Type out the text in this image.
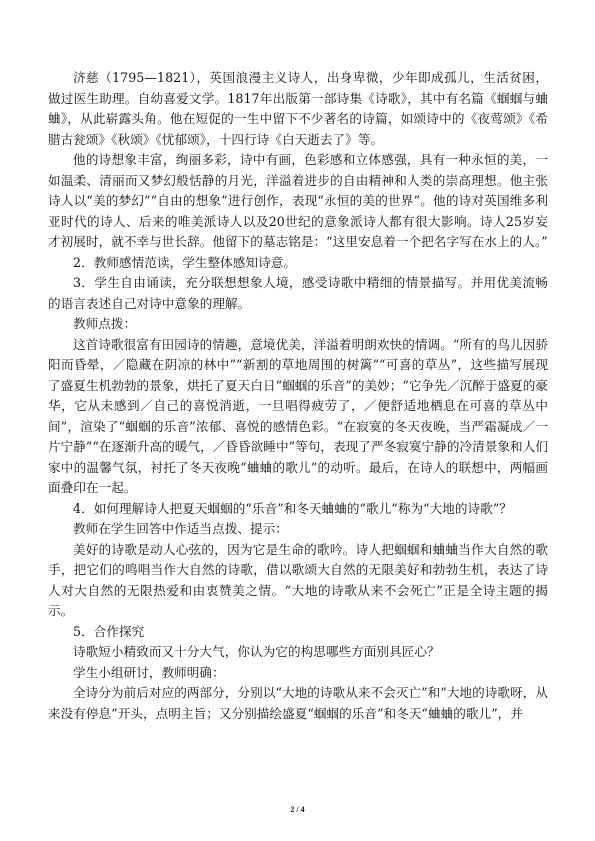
济慈（1795—1821），英国浪漫主义诗人，出身卑微，少年即成孤儿，生活贫困，做过医生助理。自幼喜爱文学。1817年出版第一部诗集《诗歌》，其中有名篇《蝈蝈与蛐蛐》，从此崭露头角。他在短促的一生中留下不少著名的诗篇，如颂诗中的《夜莺颂》《希腊古瓮颂》《秋颂》《忧郁颂》，十四行诗《白天逝去了》等。

他的诗想象丰富，绚丽多彩，诗中有画，色彩感和立体感强，具有一种永恒的美，一如温柔、清丽而又梦幻般恬静的月光，洋溢着进步的自由精神和人类的崇高理想。他主张诗人以“美的梦幻”“自由的想象”进行创作，表现“永恒的美的世界”。他的诗对英国维多利亚时代的诗人、后来的唯美派诗人以及20世纪的意象派诗人都有很大影响。诗人25岁妄才初展时，就不幸与世长辞。他留下的墓志铭是：“这里安息着一个把名字写在水上的人。”

2．教师感情范读，学生整体感知诗意。

3．学生自由诵读，充分联想想象人境，感受诗歌中精细的情景描写。并用优美流畅的语言表述自己对诗中意象的理解。

教师点拨：

这首诗歌很富有田园诗的情趣，意境优美，洋溢着明朗欢快的情调。“所有的鸟儿因骄阳而昏晕，／隐藏在阴凉的林中”“新割的草地周围的树篱”“可喜的草丛”，这些描写展现了盛夏生机勃勃的景象，烘托了夏天白日“蝈蝈的乐音”的美妙；“它争先／沉醉于盛夏的豪华，它从未感到／自己的喜悦消逝，一旦唱得疲劳了，／便舒适地栖息在可喜的草丛中间”，渲染了“蝈蝈的乐音”浓郁、喜悦的感情色彩。“在寂寞的冬天夜晚，当严霜凝成／一片宁静”“在逐渐升高的暖气，／昏昏欲睡中”等句，表现了严冬寂寞宁静的冷清景象和人们家中的温馨气氛，衬托了冬天夜晚“蛐蛐的歌儿”的动听。最后，在诗人的联想中，两幅画面叠印在一起。

4．如何理解诗人把夏天蝈蝈的“乐音”和冬天蛐蛐的“歌儿”称为“大地的诗歌”？

教师在学生回答中作适当点拨、提示：

美好的诗歌是动人心弦的，因为它是生命的歌吟。诗人把蝈蝈和蛐蛐当作大自然的歌手，把它们的鸣唱当作大自然的诗歌，借以歌颂大自然的无限美好和勃勃生机，表达了诗人对大自然的无限热爱和由衷赞美之情。“大地的诗歌从来不会死亡”正是全诗主题的揭示。

5．合作探究

诗歌短小精致而又十分大气，你认为它的构思哪些方面别具匠心？

学生小组研讨，教师明确：

全诗分为前后对应的两部分，分别以“大地的诗歌从来不会灭亡”和“大地的诗歌呀，从来没有停息”开头，点明主旨；又分别描绘盛夏“蝈蝈的乐音”和冬天“蛐蛐的歌儿”，并

2 / 4
